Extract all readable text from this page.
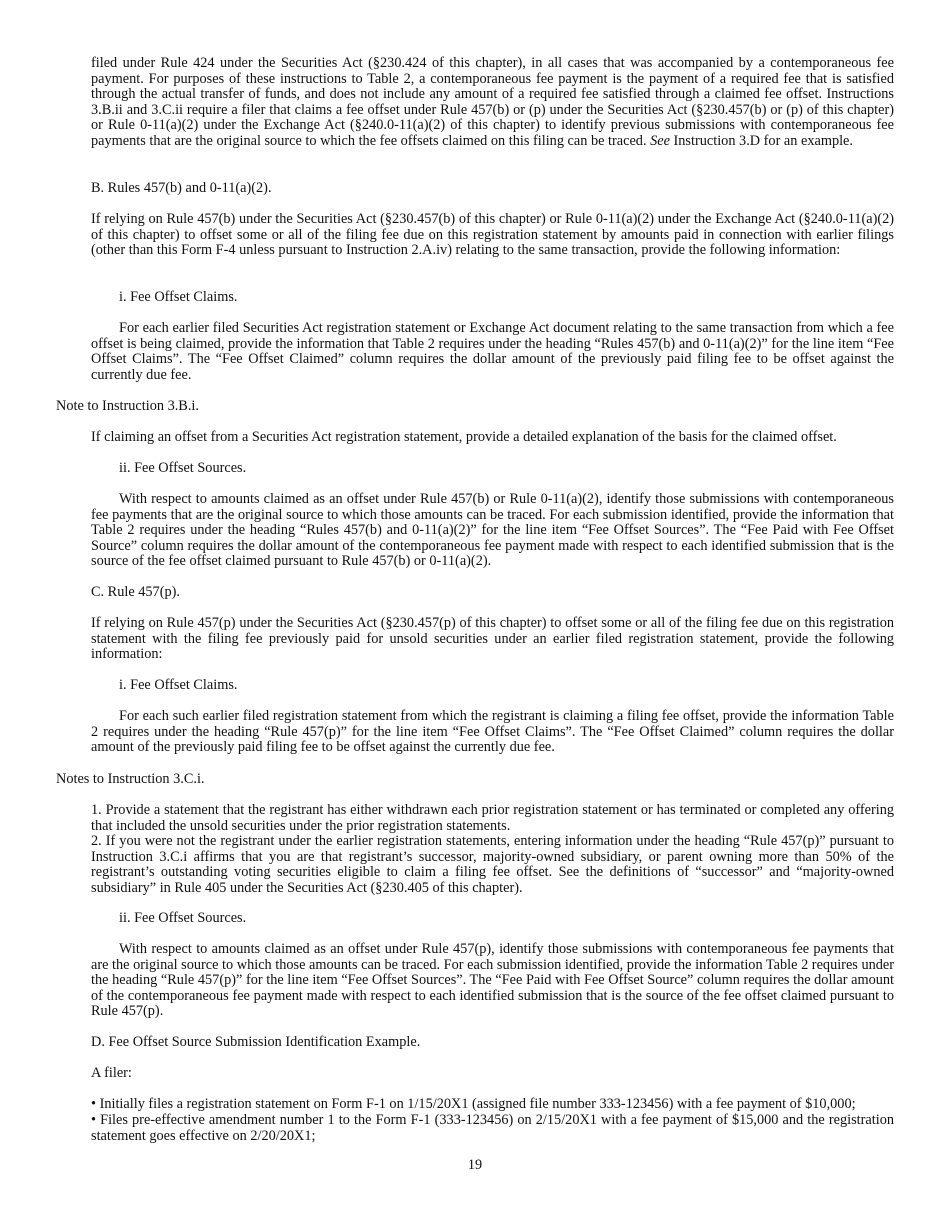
filed under Rule 424 under the Securities Act (§230.424 of this chapter), in all cases that was accompanied by a contemporaneous fee payment. For purposes of these instructions to Table 2, a contemporaneous fee payment is the payment of a required fee that is satisfied through the actual transfer of funds, and does not include any amount of a required fee satisfied through a claimed fee offset. Instructions 3.B.ii and 3.C.ii require a filer that claims a fee offset under Rule 457(b) or (p) under the Securities Act (§230.457(b) or (p) of this chapter) or Rule 0-11(a)(2) under the Exchange Act (§240.0-11(a)(2) of this chapter) to identify previous submissions with contemporaneous fee payments that are the original source to which the fee offsets claimed on this filing can be traced. See Instruction 3.D for an example.

B. Rules 457(b) and 0-11(a)(2).

If relying on Rule 457(b) under the Securities Act (§230.457(b) of this chapter) or Rule 0-11(a)(2) under the Exchange Act (§240.0-11(a)(2) of this chapter) to offset some or all of the filing fee due on this registration statement by amounts paid in connection with earlier filings (other than this Form F-4 unless pursuant to Instruction 2.A.iv) relating to the same transaction, provide the following information:

i. Fee Offset Claims.

For each earlier filed Securities Act registration statement or Exchange Act document relating to the same transaction from which a fee offset is being claimed, provide the information that Table 2 requires under the heading “Rules 457(b) and 0-11(a)(2)” for the line item “Fee Offset Claims”. The “Fee Offset Claimed” column requires the dollar amount of the previously paid filing fee to be offset against the currently due fee.

Note to Instruction 3.B.i.

If claiming an offset from a Securities Act registration statement, provide a detailed explanation of the basis for the claimed offset.

ii. Fee Offset Sources.

With respect to amounts claimed as an offset under Rule 457(b) or Rule 0-11(a)(2), identify those submissions with contemporaneous fee payments that are the original source to which those amounts can be traced. For each submission identified, provide the information that Table 2 requires under the heading “Rules 457(b) and 0-11(a)(2)” for the line item “Fee Offset Sources”. The “Fee Paid with Fee Offset Source” column requires the dollar amount of the contemporaneous fee payment made with respect to each identified submission that is the source of the fee offset claimed pursuant to Rule 457(b) or 0-11(a)(2).

C. Rule 457(p).

If relying on Rule 457(p) under the Securities Act (§230.457(p) of this chapter) to offset some or all of the filing fee due on this registration statement with the filing fee previously paid for unsold securities under an earlier filed registration statement, provide the following information:

i. Fee Offset Claims.

For each such earlier filed registration statement from which the registrant is claiming a filing fee offset, provide the information Table 2 requires under the heading “Rule 457(p)” for the line item “Fee Offset Claims”. The “Fee Offset Claimed” column requires the dollar amount of the previously paid filing fee to be offset against the currently due fee.

Notes to Instruction 3.C.i.

1. Provide a statement that the registrant has either withdrawn each prior registration statement or has terminated or completed any offering that included the unsold securities under the prior registration statements.

2. If you were not the registrant under the earlier registration statements, entering information under the heading “Rule 457(p)” pursuant to Instruction 3.C.i affirms that you are that registrant’s successor, majority-owned subsidiary, or parent owning more than 50% of the registrant’s outstanding voting securities eligible to claim a filing fee offset. See the definitions of “successor” and “majority-owned subsidiary” in Rule 405 under the Securities Act (§230.405 of this chapter).

ii. Fee Offset Sources.

With respect to amounts claimed as an offset under Rule 457(p), identify those submissions with contemporaneous fee payments that are the original source to which those amounts can be traced. For each submission identified, provide the information Table 2 requires under the heading “Rule 457(p)” for the line item “Fee Offset Sources”. The “Fee Paid with Fee Offset Source” column requires the dollar amount of the contemporaneous fee payment made with respect to each identified submission that is the source of the fee offset claimed pursuant to Rule 457(p).

D. Fee Offset Source Submission Identification Example.

A filer:

• Initially files a registration statement on Form F-1 on 1/15/20X1 (assigned file number 333-123456) with a fee payment of $10,000;

• Files pre-effective amendment number 1 to the Form F-1 (333-123456) on 2/15/20X1 with a fee payment of $15,000 and the registration statement goes effective on 2/20/20X1;

19
